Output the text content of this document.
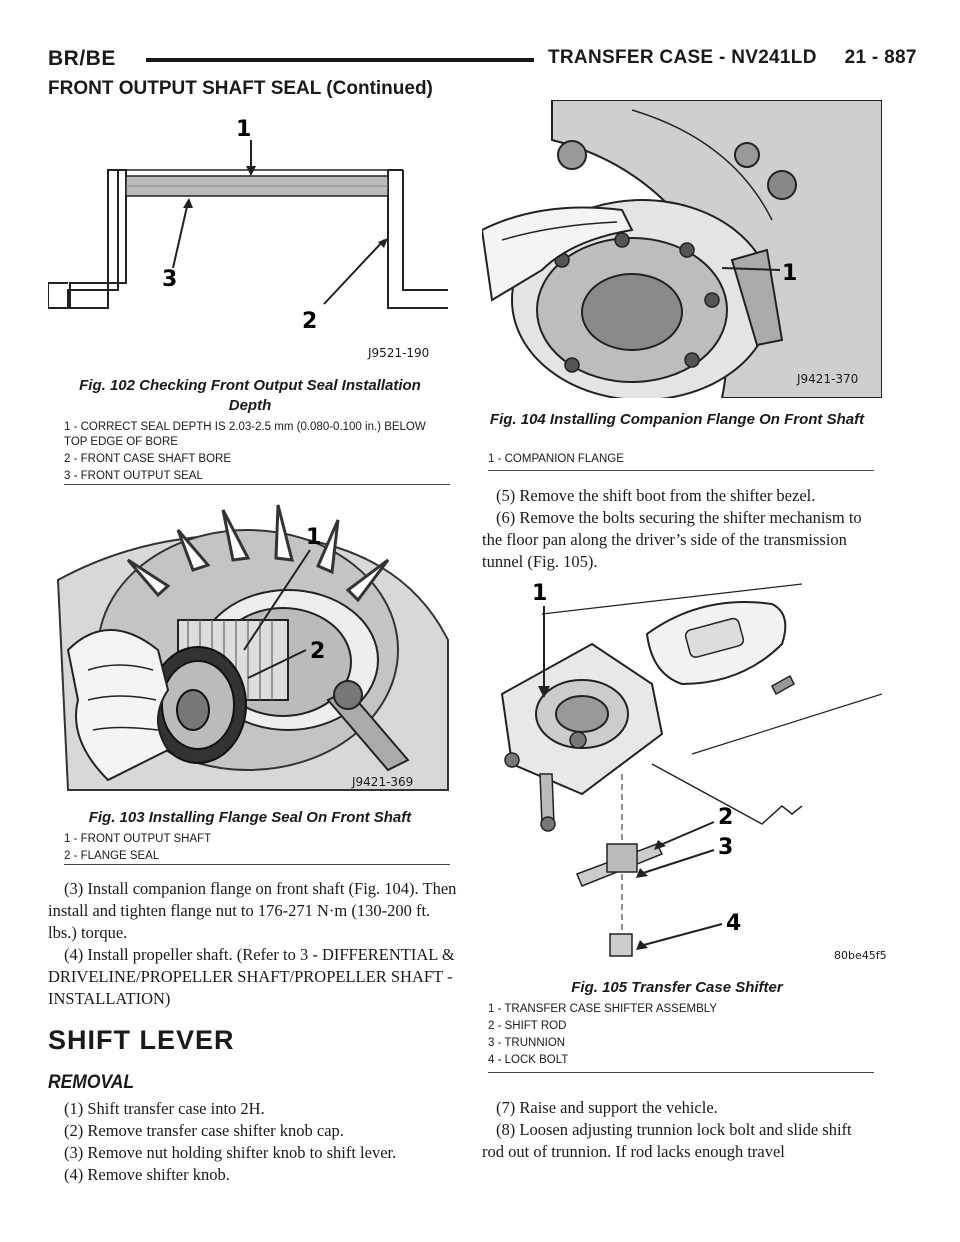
BR/BE	TRANSFER CASE - NV241LD     21 - 887
FRONT OUTPUT SHAFT SEAL (Continued)
1
3
2
J9521-190
Fig. 102 Checking Front Output Seal Installation Depth
1 - CORRECT SEAL DEPTH IS 2.03-2.5 mm (0.080-0.100 in.) BELOW TOP EDGE OF BORE
2 - FRONT CASE SHAFT BORE
3 - FRONT OUTPUT SEAL
1
2
J9421-369
Fig. 103 Installing Flange Seal On Front Shaft
1 - FRONT OUTPUT SHAFT
2 - FLANGE SEAL

(3) Install companion flange on front shaft (Fig. 104). Then install and tighten flange nut to 176-271 N·m (130-200 ft. lbs.) torque.

(4) Install propeller shaft. (Refer to 3 - DIFFERENTIAL & DRIVELINE/PROPELLER SHAFT/PROPELLER SHAFT - INSTALLATION)

SHIFT LEVER
REMOVAL

(1) Shift transfer case into 2H.

(2) Remove transfer case shifter knob cap.

(3) Remove nut holding shifter knob to shift lever.

(4) Remove shifter knob.

1
J9421-370
Fig. 104 Installing Companion Flange On Front Shaft
1 - COMPANION FLANGE

(5) Remove the shift boot from the shifter bezel.

(6) Remove the bolts securing the shifter mechanism to the floor pan along the driver’s side of the transmission tunnel (Fig. 105).

1
2
3
4
80be45f5
Fig. 105 Transfer Case Shifter
1 - TRANSFER CASE SHIFTER ASSEMBLY
2 - SHIFT ROD
3 - TRUNNION
4 - LOCK BOLT

(7) Raise and support the vehicle.

(8) Loosen adjusting trunnion lock bolt and slide shift rod out of trunnion. If rod lacks enough travel
